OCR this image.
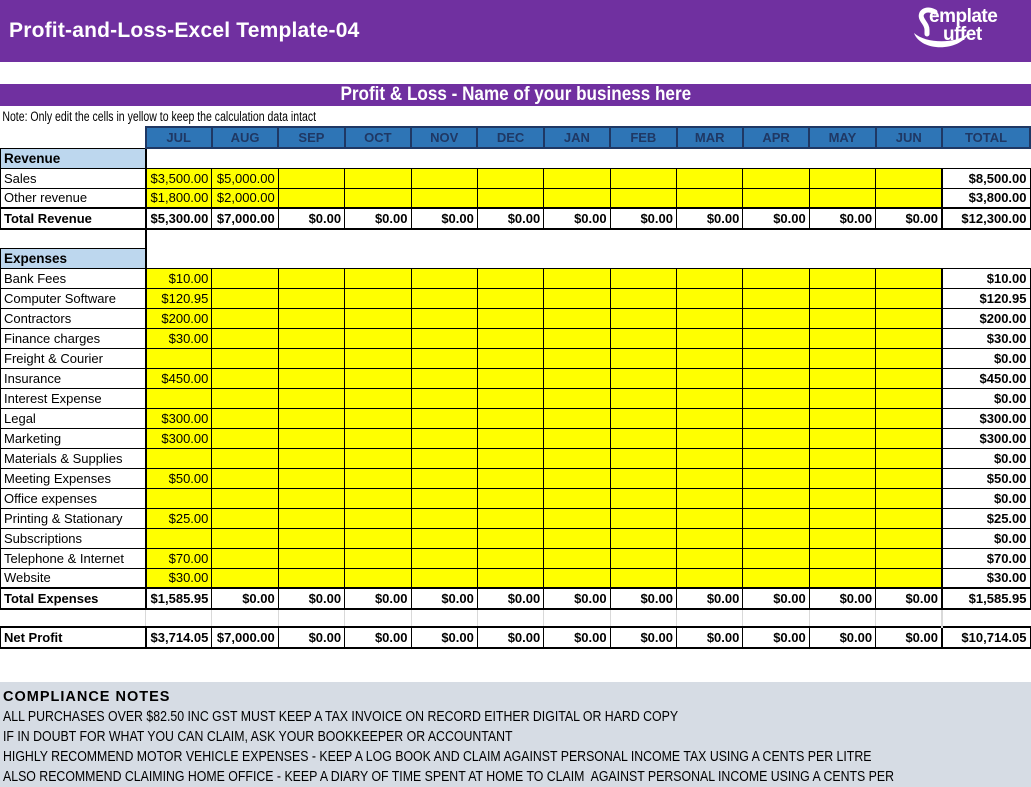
Profit-and-Loss-Excel Template-04
emplate
uffet
Profit & Loss - Name of your business here
Note: Only edit the cells in yellow to keep the calculation data intact
	JUL	AUG	SEP	OCT	NOV	DEC	JAN	FEB	MAR	APR	MAY	JUN	TOTAL
Revenue													
Sales	$3,500.00	$5,000.00											$8,500.00
Other revenue	$1,800.00	$2,000.00											$3,800.00
Total Revenue	$5,300.00	$7,000.00	$0.00	$0.00	$0.00	$0.00	$0.00	$0.00	$0.00	$0.00	$0.00	$0.00	$12,300.00

Expenses													
Bank Fees	$10.00												$10.00
Computer Software	$120.95												$120.95
Contractors	$200.00												$200.00
Finance charges	$30.00												$30.00
Freight & Courier													$0.00
Insurance	$450.00												$450.00
Interest Expense													$0.00
Legal	$300.00												$300.00
Marketing	$300.00												$300.00
Materials & Supplies													$0.00
Meeting Expenses	$50.00												$50.00
Office expenses													$0.00
Printing & Stationary	$25.00												$25.00
Subscriptions													$0.00
Telephone & Internet	$70.00												$70.00
Website	$30.00												$30.00
Total Expenses	$1,585.95	$0.00	$0.00	$0.00	$0.00	$0.00	$0.00	$0.00	$0.00	$0.00	$0.00	$0.00	$1,585.95

Net Profit	$3,714.05	$7,000.00	$0.00	$0.00	$0.00	$0.00	$0.00	$0.00	$0.00	$0.00	$0.00	$0.00	$10,714.05
COMPLIANCE NOTES
ALL PURCHASES OVER $82.50 INC GST MUST KEEP A TAX INVOICE ON RECORD EITHER DIGITAL OR HARD COPY
IF IN DOUBT FOR WHAT YOU CAN CLAIM, ASK YOUR BOOKKEEPER OR ACCOUNTANT
HIGHLY RECOMMEND MOTOR VEHICLE EXPENSES - KEEP A LOG BOOK AND CLAIM AGAINST PERSONAL INCOME TAX USING A CENTS PER LITRE
ALSO RECOMMEND CLAIMING HOME OFFICE - KEEP A DIARY OF TIME SPENT AT HOME TO CLAIM  AGAINST PERSONAL INCOME USING A CENTS PER
